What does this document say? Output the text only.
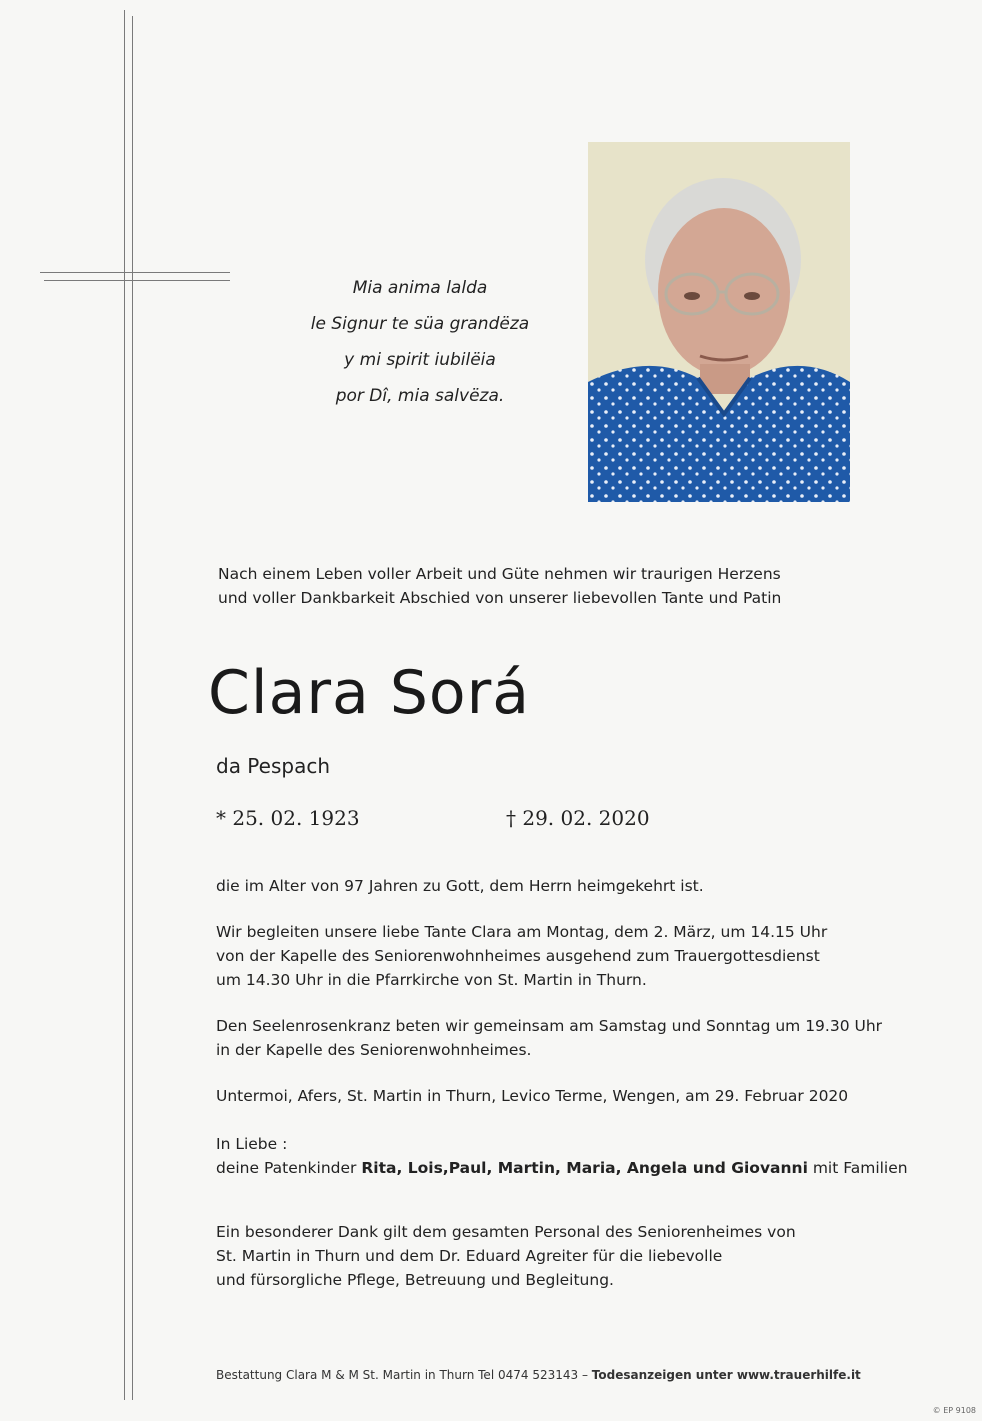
Mia anima lalda
le Signur te süa grandëza
y mi spirit iubilëia
por Dî, mia salvëza.
Nach einem Leben voller Arbeit und Güte nehmen wir traurigen Herzens
und voller Dankbarkeit Abschied von unserer liebevollen Tante und Patin
Clara Sorá
da Pespach
* 25. 02. 1923	† 29. 02. 2020
die im Alter von 97 Jahren zu Gott, dem Herrn heimgekehrt ist.
Wir begleiten unsere liebe Tante Clara am Montag, dem 2. März, um 14.15 Uhr
von der Kapelle des Seniorenwohnheimes ausgehend zum Trauergottesdienst
um 14.30 Uhr in die Pfarrkirche von St. Martin in Thurn.
Den Seelenrosenkranz beten wir gemeinsam am Samstag und Sonntag um 19.30 Uhr
in der Kapelle des Seniorenwohnheimes.
Untermoi, Afers, St. Martin in Thurn, Levico Terme, Wengen, am 29. Februar 2020
In Liebe :
deine Patenkinder Rita, Lois,Paul, Martin, Maria, Angela und Giovanni mit Familien
Ein besonderer Dank gilt dem gesamten Personal des Seniorenheimes von
St. Martin in Thurn und dem Dr. Eduard Agreiter für die liebevolle
und fürsorgliche Pflege, Betreuung und Begleitung.
Bestattung Clara M & M St. Martin in Thurn Tel 0474 523143 – Todesanzeigen unter www.trauerhilfe.it
© EP 9108
